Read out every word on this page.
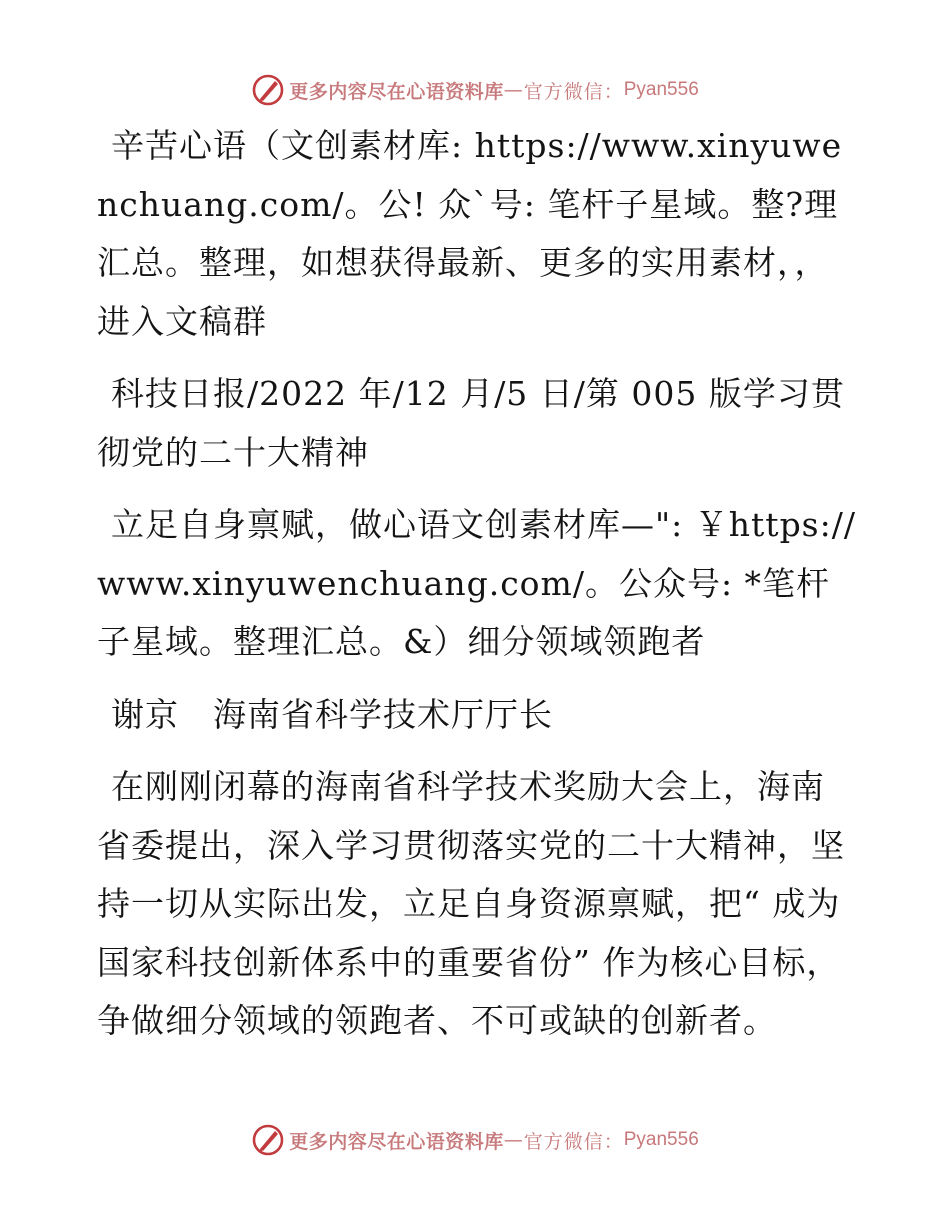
更多内容尽在心语资料库 — 官方微信： Pyan556

辛苦心语（文创素材库: https://www.xinyuwenchuang.com/。公! 众`号: 笔杆子星域。整?理汇总。整理，如想获得最新、更多的实用素材，，进入文稿群

科技日报/2022 年/12 月/5 日/第 005 版学习贯彻党的二十大精神

立足自身禀赋，做心语文创素材库—": ￥https://www.xinyuwenchuang.com/。公众号: *笔杆子星域。整理汇总。&）细分领域领跑者

谢京　海南省科学技术厅厅长

在刚刚闭幕的海南省科学技术奖励大会上，海南省委提出，深入学习贯彻落实党的二十大精神，坚持一切从实际出发，立足自身资源禀赋，把“ 成为国家科技创新体系中的重要省份” 作为核心目标，争做细分领域的领跑者、不可或缺的创新者。

更多内容尽在心语资料库 — 官方微信： Pyan556
